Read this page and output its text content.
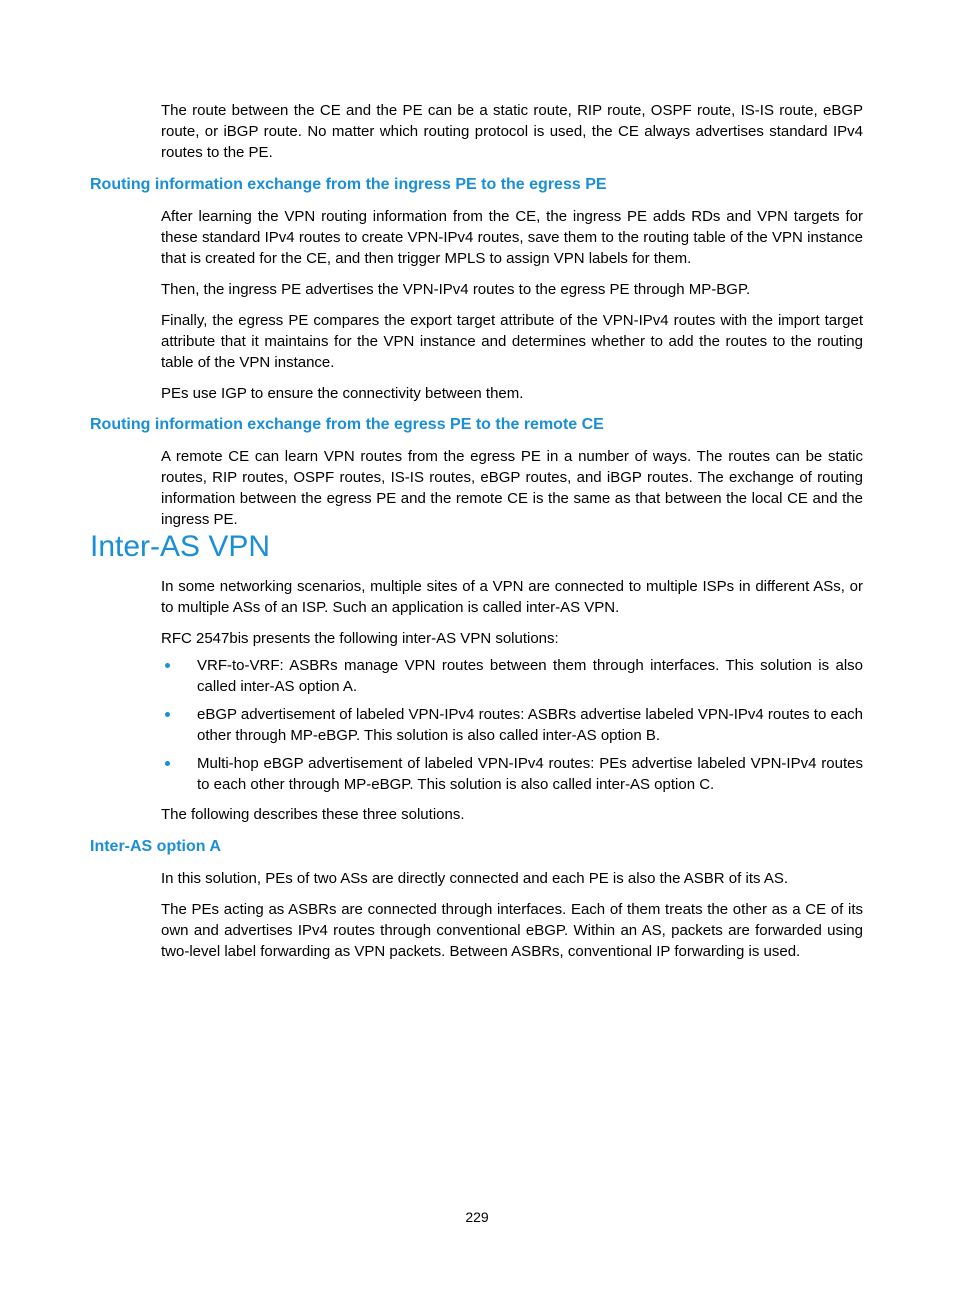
The route between the CE and the PE can be a static route, RIP route, OSPF route, IS-IS route, eBGP route, or iBGP route. No matter which routing protocol is used, the CE always advertises standard IPv4 routes to the PE.

Routing information exchange from the ingress PE to the egress PE

After learning the VPN routing information from the CE, the ingress PE adds RDs and VPN targets for these standard IPv4 routes to create VPN-IPv4 routes, save them to the routing table of the VPN instance that is created for the CE, and then trigger MPLS to assign VPN labels for them.

Then, the ingress PE advertises the VPN-IPv4 routes to the egress PE through MP-BGP.

Finally, the egress PE compares the export target attribute of the VPN-IPv4 routes with the import target attribute that it maintains for the VPN instance and determines whether to add the routes to the routing table of the VPN instance.

PEs use IGP to ensure the connectivity between them.

Routing information exchange from the egress PE to the remote CE

A remote CE can learn VPN routes from the egress PE in a number of ways. The routes can be static routes, RIP routes, OSPF routes, IS-IS routes, eBGP routes, and iBGP routes. The exchange of routing information between the egress PE and the remote CE is the same as that between the local CE and the ingress PE.

Inter-AS VPN

In some networking scenarios, multiple sites of a VPN are connected to multiple ISPs in different ASs, or to multiple ASs of an ISP. Such an application is called inter-AS VPN.

RFC 2547bis presents the following inter-AS VPN solutions:

VRF-to-VRF: ASBRs manage VPN routes between them through interfaces. This solution is also called inter-AS option A.
eBGP advertisement of labeled VPN-IPv4 routes: ASBRs advertise labeled VPN-IPv4 routes to each other through MP-eBGP. This solution is also called inter-AS option B.
Multi-hop eBGP advertisement of labeled VPN-IPv4 routes: PEs advertise labeled VPN-IPv4 routes to each other through MP-eBGP. This solution is also called inter-AS option C.

The following describes these three solutions.

Inter-AS option A

In this solution, PEs of two ASs are directly connected and each PE is also the ASBR of its AS.

The PEs acting as ASBRs are connected through interfaces. Each of them treats the other as a CE of its own and advertises IPv4 routes through conventional eBGP. Within an AS, packets are forwarded using two-level label forwarding as VPN packets. Between ASBRs, conventional IP forwarding is used.

229
